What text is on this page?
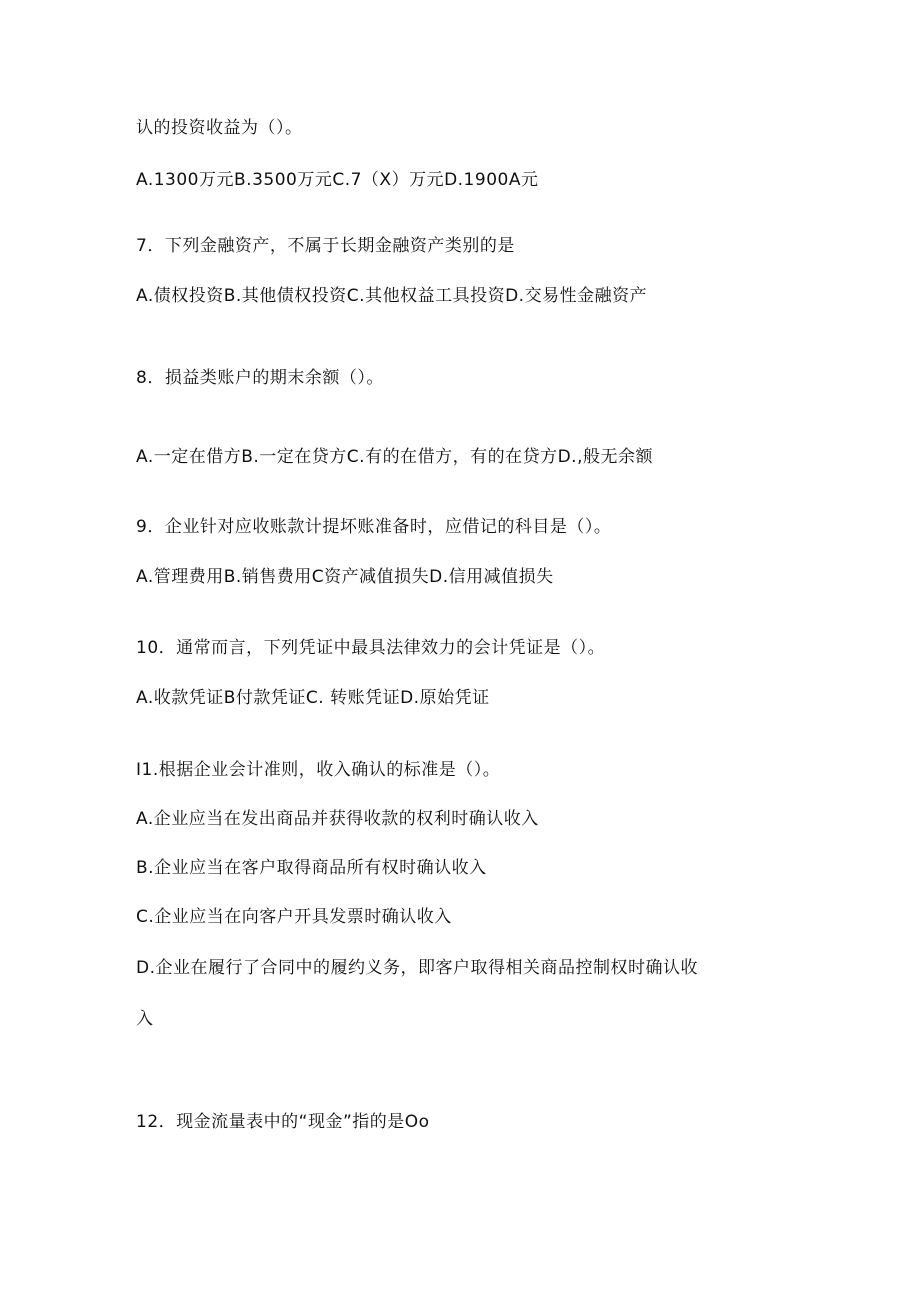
认的投资收益为（）。
A.1300万元B.3500万元C.7（X）万元D.1900A元
7．下列金融资产，不属于长期金融资产类别的是
A.债权投资B.其他债权投资C.其他权益工具投资D.交易性金融资产
8．损益类账户的期末余额（）。
A.一定在借方B.一定在贷方C.有的在借方，有的在贷方D.,般无余额
9．企业针对应收账款计提坏账准备时，应借记的科目是（）。
A.管理费用B.销售费用C资产减值损失D.信用减值损失
10．通常而言，下列凭证中最具法律效力的会计凭证是（）。
A.收款凭证B付款凭证C. 转账凭证D.原始凭证
I1.根据企业会计准则，收入确认的标准是（）。
A.企业应当在发出商品并获得收款的权利时确认收入
B.企业应当在客户取得商品所有权时确认收入
C.企业应当在向客户开具发票时确认收入
D.企业在履行了合同中的履约义务，即客户取得相关商品控制权时确认收
入
12．现金流量表中的“现金”指的是Oo
